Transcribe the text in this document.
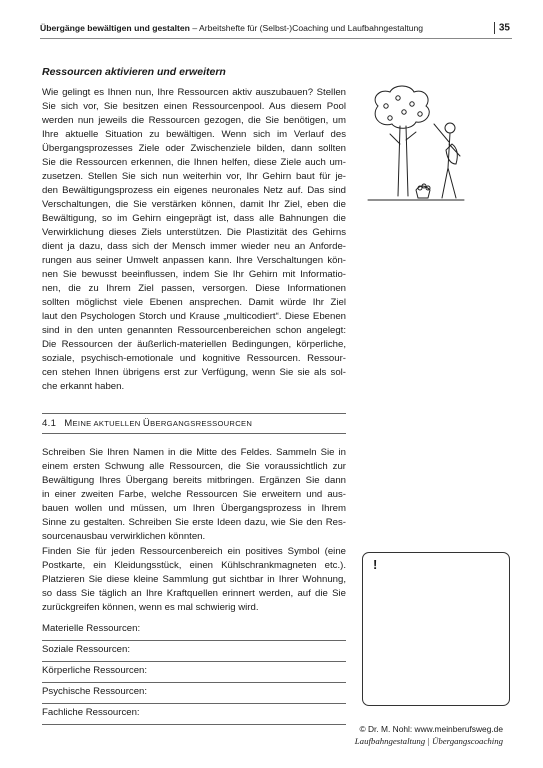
Übergänge bewältigen und gestalten – Arbeitshefte für (Selbst-)Coaching und Laufbahngestaltung	35
Ressourcen aktivieren und erweitern

Wie gelingt es Ihnen nun, Ihre Ressourcen aktiv auszubauen? Stellen
Sie sich vor, Sie besitzen einen Ressourcenpool. Aus diesem Pool
werden nun jeweils die Ressourcen gezogen, die Sie benötigen, um
Ihre aktuelle Situation zu bewältigen. Wenn sich im Verlauf des
Übergangsprozesses Ziele oder Zwischenziele bilden, dann sollten
Sie die Ressourcen erkennen, die Ihnen helfen, diese Ziele auch um-
zusetzen. Stellen Sie sich nun weiterhin vor, Ihr Gehirn baut für je-
den Bewältigungsprozess ein eigenes neuronales Netz auf. Das sind
Verschaltungen, die Sie verstärken können, damit Ihr Ziel, eben die
Bewältigung, so im Gehirn eingeprägt ist, dass alle Bahnungen die
Verwirklichung dieses Ziels unterstützen. Die Plastizität des Gehirns
dient ja dazu, dass sich der Mensch immer wieder neu an Anforde-
rungen aus seiner Umwelt anpassen kann. Ihre Verschaltungen kön-
nen Sie bewusst beeinflussen, indem Sie Ihr Gehirn mit Informatio-
nen, die zu Ihrem Ziel passen, versorgen. Diese Informationen
sollten möglichst viele Ebenen ansprechen. Damit würde Ihr Ziel
laut den Psychologen Storch und Krause „multicodiert“. Diese Ebenen
sind in den unten genannten Ressourcenbereichen schon angelegt:
Die Ressourcen der äußerlich-materiellen Bedingungen, körperliche,
soziale, psychisch-emotionale und kognitive Ressourcen. Ressour-
cen stehen Ihnen übrigens erst zur Verfügung, wenn Sie sie als sol-
che erkannt haben.

4.1 MEINE AKTUELLEN ÜBERGANGSRESSOURCEN

Schreiben Sie Ihren Namen in die Mitte des Feldes. Sammeln Sie in
einem ersten Schwung alle Ressourcen, die Sie voraussichtlich zur
Bewältigung Ihres Übergang bereits mitbringen. Ergänzen Sie dann
in einer zweiten Farbe, welche Ressourcen Sie erweitern und aus-
bauen wollen und müssen, um Ihren Übergangsprozess in Ihrem
Sinne zu gestalten. Schreiben Sie erste Ideen dazu, wie Sie den Res-
sourcenausbau verwirklichen könnten.

Finden Sie für jeden Ressourcenbereich ein positives Symbol (eine
Postkarte, ein Kleidungsstück, einen Kühlschrankmagneten etc.).
Platzieren Sie diese kleine Sammlung gut sichtbar in Ihrer Wohnung,
so dass Sie täglich an Ihre Kraftquellen erinnert werden, auf die Sie
zurückgreifen können, wenn es mal schwierig wird.

Materielle Ressourcen:
Soziale Ressourcen:
Körperliche Ressourcen:
Psychische Ressourcen:
Fachliche Ressourcen:
!
© Dr. M. Nohl: www.meinberufsweg.de
Laufbahngestaltung | Übergangscoaching
